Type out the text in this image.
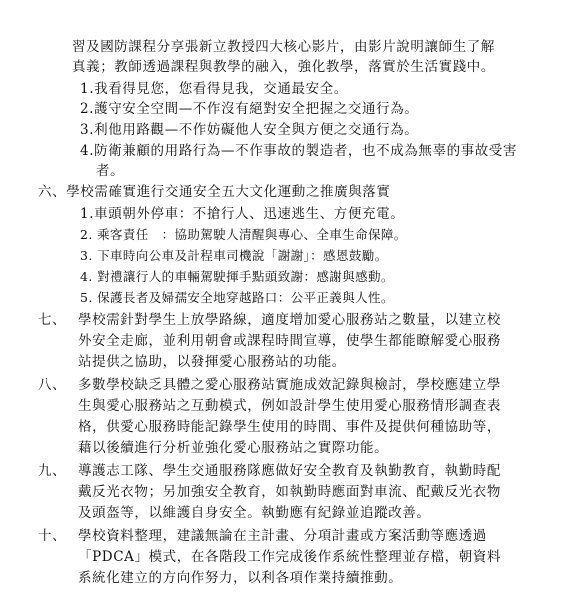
習及國防課程分享張新立教授四大核心影片，由影片說明讓師生了解
真義；教師透過課程與教學的融入，強化教學，落實於生活實踐中。
1.我看得見您，您看得見我，交通最安全。
2.護守安全空間—不作沒有絕對安全把握之交通行為。
3.利他用路觀—不作妨礙他人安全與方便之交通行為。
4.防衛兼顧的用路行為—不作事故的製造者，也不成為無辜的事故受害
者。
六、學校需確實進行交通安全五大文化運動之推廣與落實
1.車頭朝外停車：不搶行人、迅速逃生、方便充電。
2. 乘客責任　：協助駕駛人清醒與專心、全車生命保障。
3. 下車時向公車及計程車司機說「謝謝」：感恩鼓勵。
4. 對禮讓行人的車輛駕駛揮手點頭致謝：感謝與感動。
5. 保護長者及婦孺安全地穿越路口：公平正義與人性。
七、 學校需針對學生上放學路線，適度增加愛心服務站之數量，以建立校
外安全走廊，並利用朝會或課程時間宣導，使學生都能瞭解愛心服務
站提供之協助，以發揮愛心服務站的功能。
八、 多數學校缺乏具體之愛心服務站實施成效記錄與檢討，學校應建立學
生與愛心服務站之互動模式，例如設計學生使用愛心服務情形調查表
格，供愛心服務時能記錄學生使用的時間、事件及提供何種協助等，
藉以後續進行分析並強化愛心服務站之實際功能。
九、 導護志工隊、學生交通服務隊應做好安全教育及執勤教育，執勤時配
戴反光衣物；另加強安全教育，如執勤時應面對車流、配戴反光衣物
及頭盔等，以維護自身安全。執勤應有紀錄並追蹤改善。
十、 學校資料整理，建議無論在主計畫、分項計畫或方案活動等應透過
「PDCA」模式，在各階段工作完成後作系統性整理並存檔，朝資料
系統化建立的方向作努力，以利各項作業持續推動。
